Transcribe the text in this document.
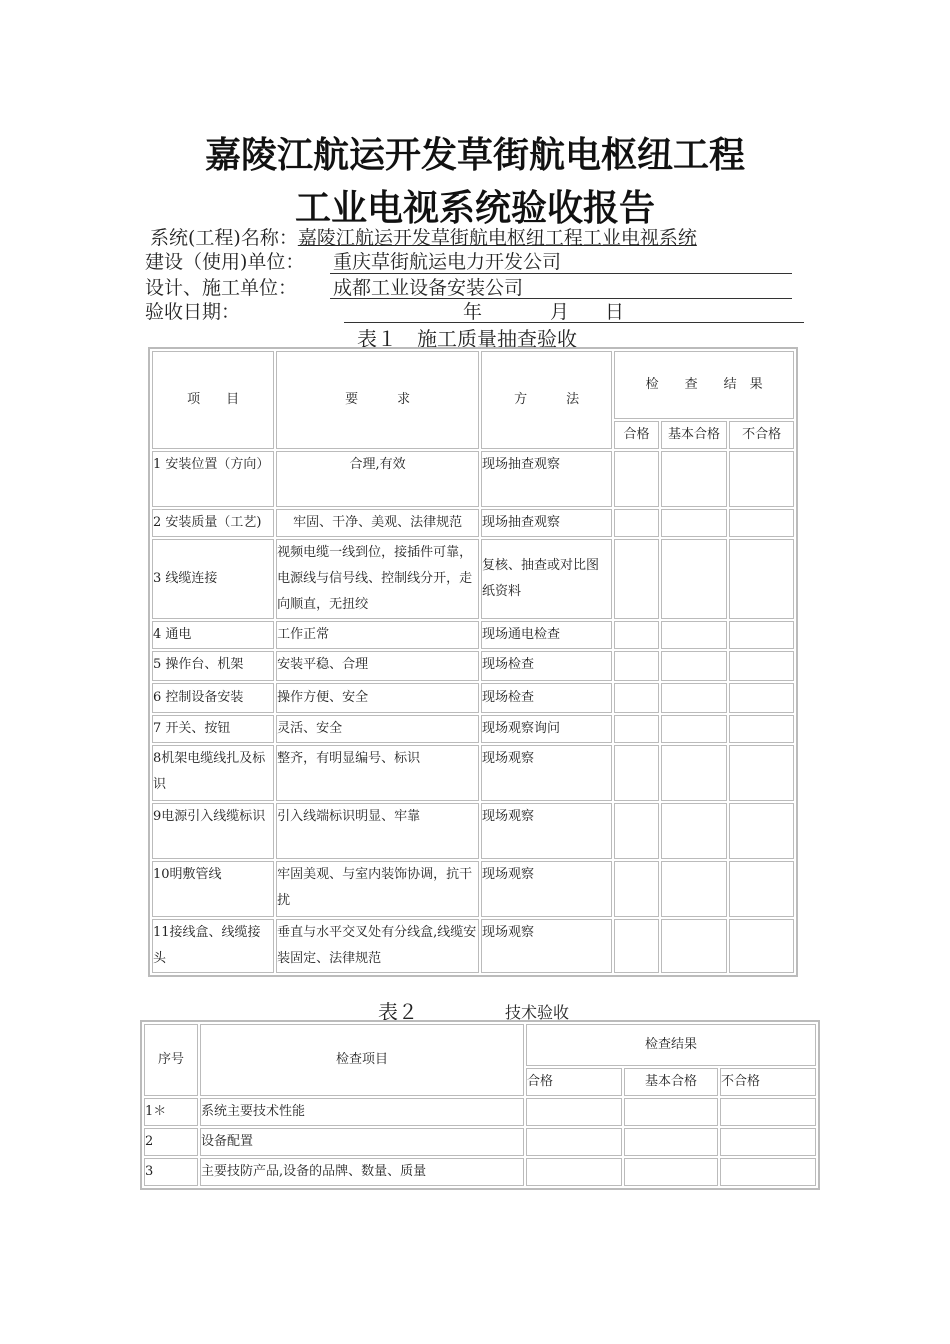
嘉陵江航运开发草街航电枢纽工程
工业电视系统验收报告
系统(工程)名称：嘉陵江航运开发草街航电枢纽工程工业电视系统
建设（使用)单位： 重庆草街航运电力开发公司
设计、施工单位： 成都工业设备安装公司
验收日期：	年	月 日
表１　施工质量抽查验收
项　　目	要　　　求	方　　　法	检　　查　　结　果		
			合格	基本合格	不合格
1 安装位置（方向）	合理,有效	现场抽查观察			
2 安装质量（工艺)	牢固、干净、美观、法律规范	现场抽查观察			
3 线缆连接	视频电缆一线到位，接插件可靠，电源线与信号线、控制线分开，走向顺直，无扭绞	复核、抽查或对比图纸资料			
4 通电	工作正常	现场通电检查			
5 操作台、机架	安装平稳、合理	现场检查			
6 控制设备安装	操作方便、安全	现场检查			
7 开关、按钮	灵活、安全	现场观察询问			
8机架电缆线扎及标识	整齐，有明显编号、标识	现场观察			
9电源引入线缆标识	引入线端标识明显、牢靠	现场观察			
10明敷管线	牢固美观、与室内装饰协调，抗干扰	现场观察			
11接线盒、线缆接头	垂直与水平交叉处有分线盒,线缆安装固定、法律规范	现场观察			
表２	技术验收
序号	检查项目	检查结果		
		合格	基本合格	不合格
1＊	系统主要技术性能			
2	设备配置			
3	主要技防产品,设备的品牌、数量、质量			
